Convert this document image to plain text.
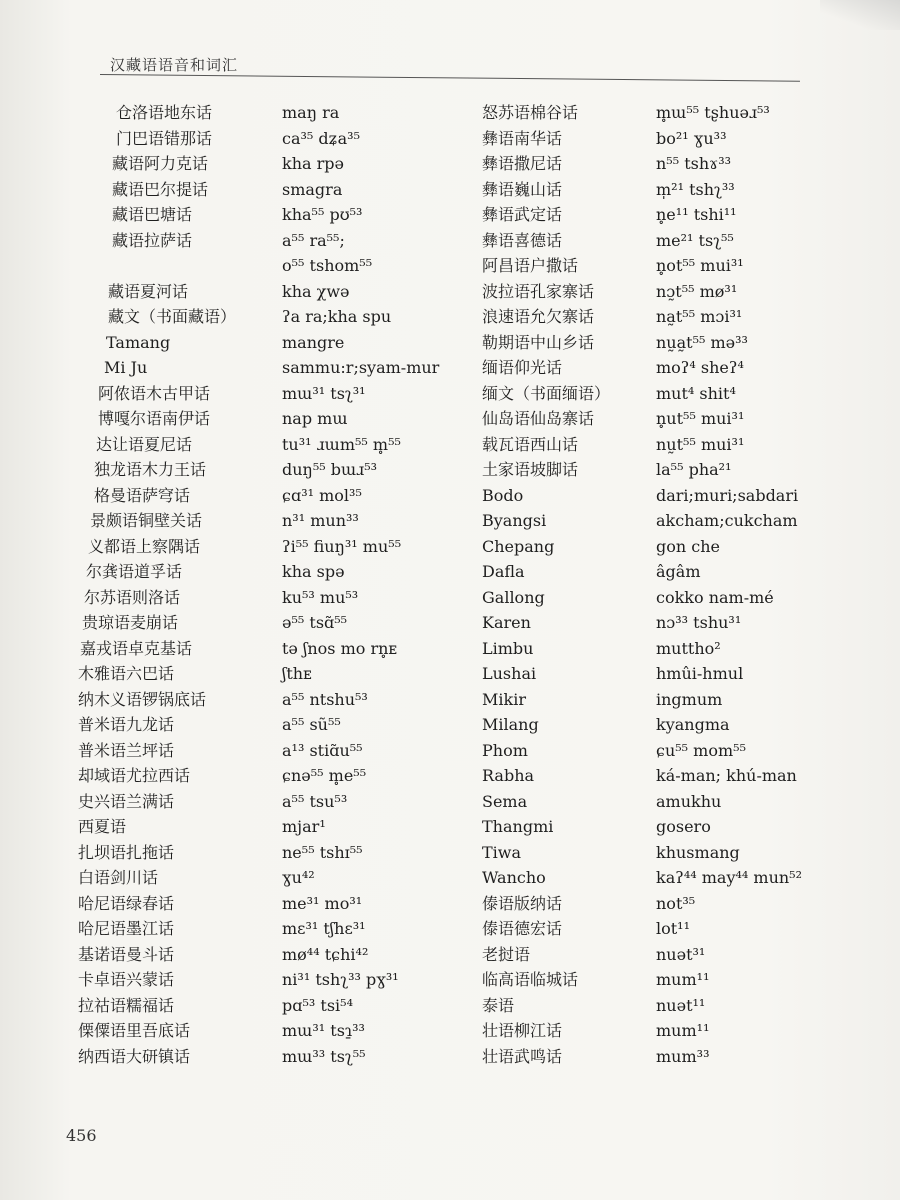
汉藏语语音和词汇
仓洛语地东话
门巴语错那话
藏语阿力克话
藏语巴尔提话
藏语巴塘话
藏语拉萨话
藏语夏河话
藏文（书面藏语）
Tamang
Mi Ju
阿侬语木古甲话
博嘎尔语南伊话
达让语夏尼话
独龙语木力王话
格曼语萨穹话
景颇语铜壁关话
义都语上察隅话
尔龚语道孚话
尔苏语则洛话
贵琼语麦崩话
嘉戎语卓克基话
木雅语六巴话
纳木义语锣锅底话
普米语九龙话
普米语兰坪话
却域语尤拉西话
史兴语兰满话
西夏语
扎坝语扎拖话
白语剑川话
哈尼语绿春话
哈尼语墨江话
基诺语曼斗话
卡卓语兴蒙话
拉祜语糯福话
傈僳语里吾底话
纳西语大研镇话
maŋ ra
ca³⁵ dʑa³⁵
kha rpə
smagra
kha⁵⁵ pʊ⁵³
a⁵⁵ ra⁵⁵;
o⁵⁵ tshom⁵⁵
kha χwə
ʔa ra;kha spu
mangre
sammu:r;syam-mur
mɯ³¹ tsʅ³¹
nap mɯ
tu³¹ ɹɯm⁵⁵ m̥⁵⁵
duŋ⁵⁵ bɯɹ⁵³
ɕɑ³¹ mol³⁵
n³¹ mun³³
ʔi⁵⁵ fiuŋ³¹ mu⁵⁵
kha spə
ku⁵³ mu⁵³
ə⁵⁵ tsɑ̃⁵⁵
tə ʃnos mo rn̥ᴇ
ʃthᴇ
a⁵⁵ ntshu⁵³
a⁵⁵ sũ⁵⁵
a¹³ stiɑ̃u⁵⁵
ɕnə⁵⁵ m̥e⁵⁵
a⁵⁵ tsu⁵³
mjar¹
ne⁵⁵ tshɪ⁵⁵
ɣu⁴²
me³¹ mo³¹
mɛ³¹ tʃhɛ³¹
mø⁴⁴ tɕhi⁴²
ni³¹ tshʅ³³ pɣ³¹
pɑ⁵³ tsi⁵⁴
mɯ³¹ tsɿ̱³³
mɯ³³ tsʅ⁵⁵
怒苏语棉谷话
彝语南华话
彝语撒尼话
彝语巍山话
彝语武定话
彝语喜德话
阿昌语户撒话
波拉语孔家寨话
浪速语允欠寨话
勒期语中山乡话
缅语仰光话
缅文（书面缅语）
仙岛语仙岛寨话
载瓦语西山话
土家语坡脚话
Bodo
Byangsi
Chepang
Dafla
Gallong
Karen
Limbu
Lushai
Mikir
Milang
Phom
Rabha
Sema
Thangmi
Tiwa
Wancho
傣语版纳话
傣语德宏话
老挝语
临高语临城话
泰语
壮语柳江话
壮语武鸣话
m̥ɯ⁵⁵ tʂhuəɹ⁵³
bo²¹ ɣu³³
n⁵⁵ tshɤ³³
m̩²¹ tshʅ³³
n̥e¹¹ tshi¹¹
me²¹ tsʅ⁵⁵
n̥ot⁵⁵ mui³¹
nɔ̰t⁵⁵ mø³¹
na̰t⁵⁵ mɔi³¹
nṵa̰t⁵⁵ mə³³
moʔ⁴ sheʔ⁴
mut⁴ shit⁴
n̥ut⁵⁵ mui³¹
nṵt⁵⁵ mui³¹
la⁵⁵ pha²¹
dari;muri;sabdari
akcham;cukcham
gon che
âgâm
cokko nam-mé
nɔ³³ tshu³¹
muttho²
hmûi-hmul
ingmum
kyangma
ɕu⁵⁵ mom⁵⁵
ká-man; khú-man
amukhu
gosero
khusmang
kaʔ⁴⁴ may⁴⁴ mun⁵²
not³⁵
lot¹¹
nuət³¹
mum¹¹
nuət¹¹
mum¹¹
mum³³
456
